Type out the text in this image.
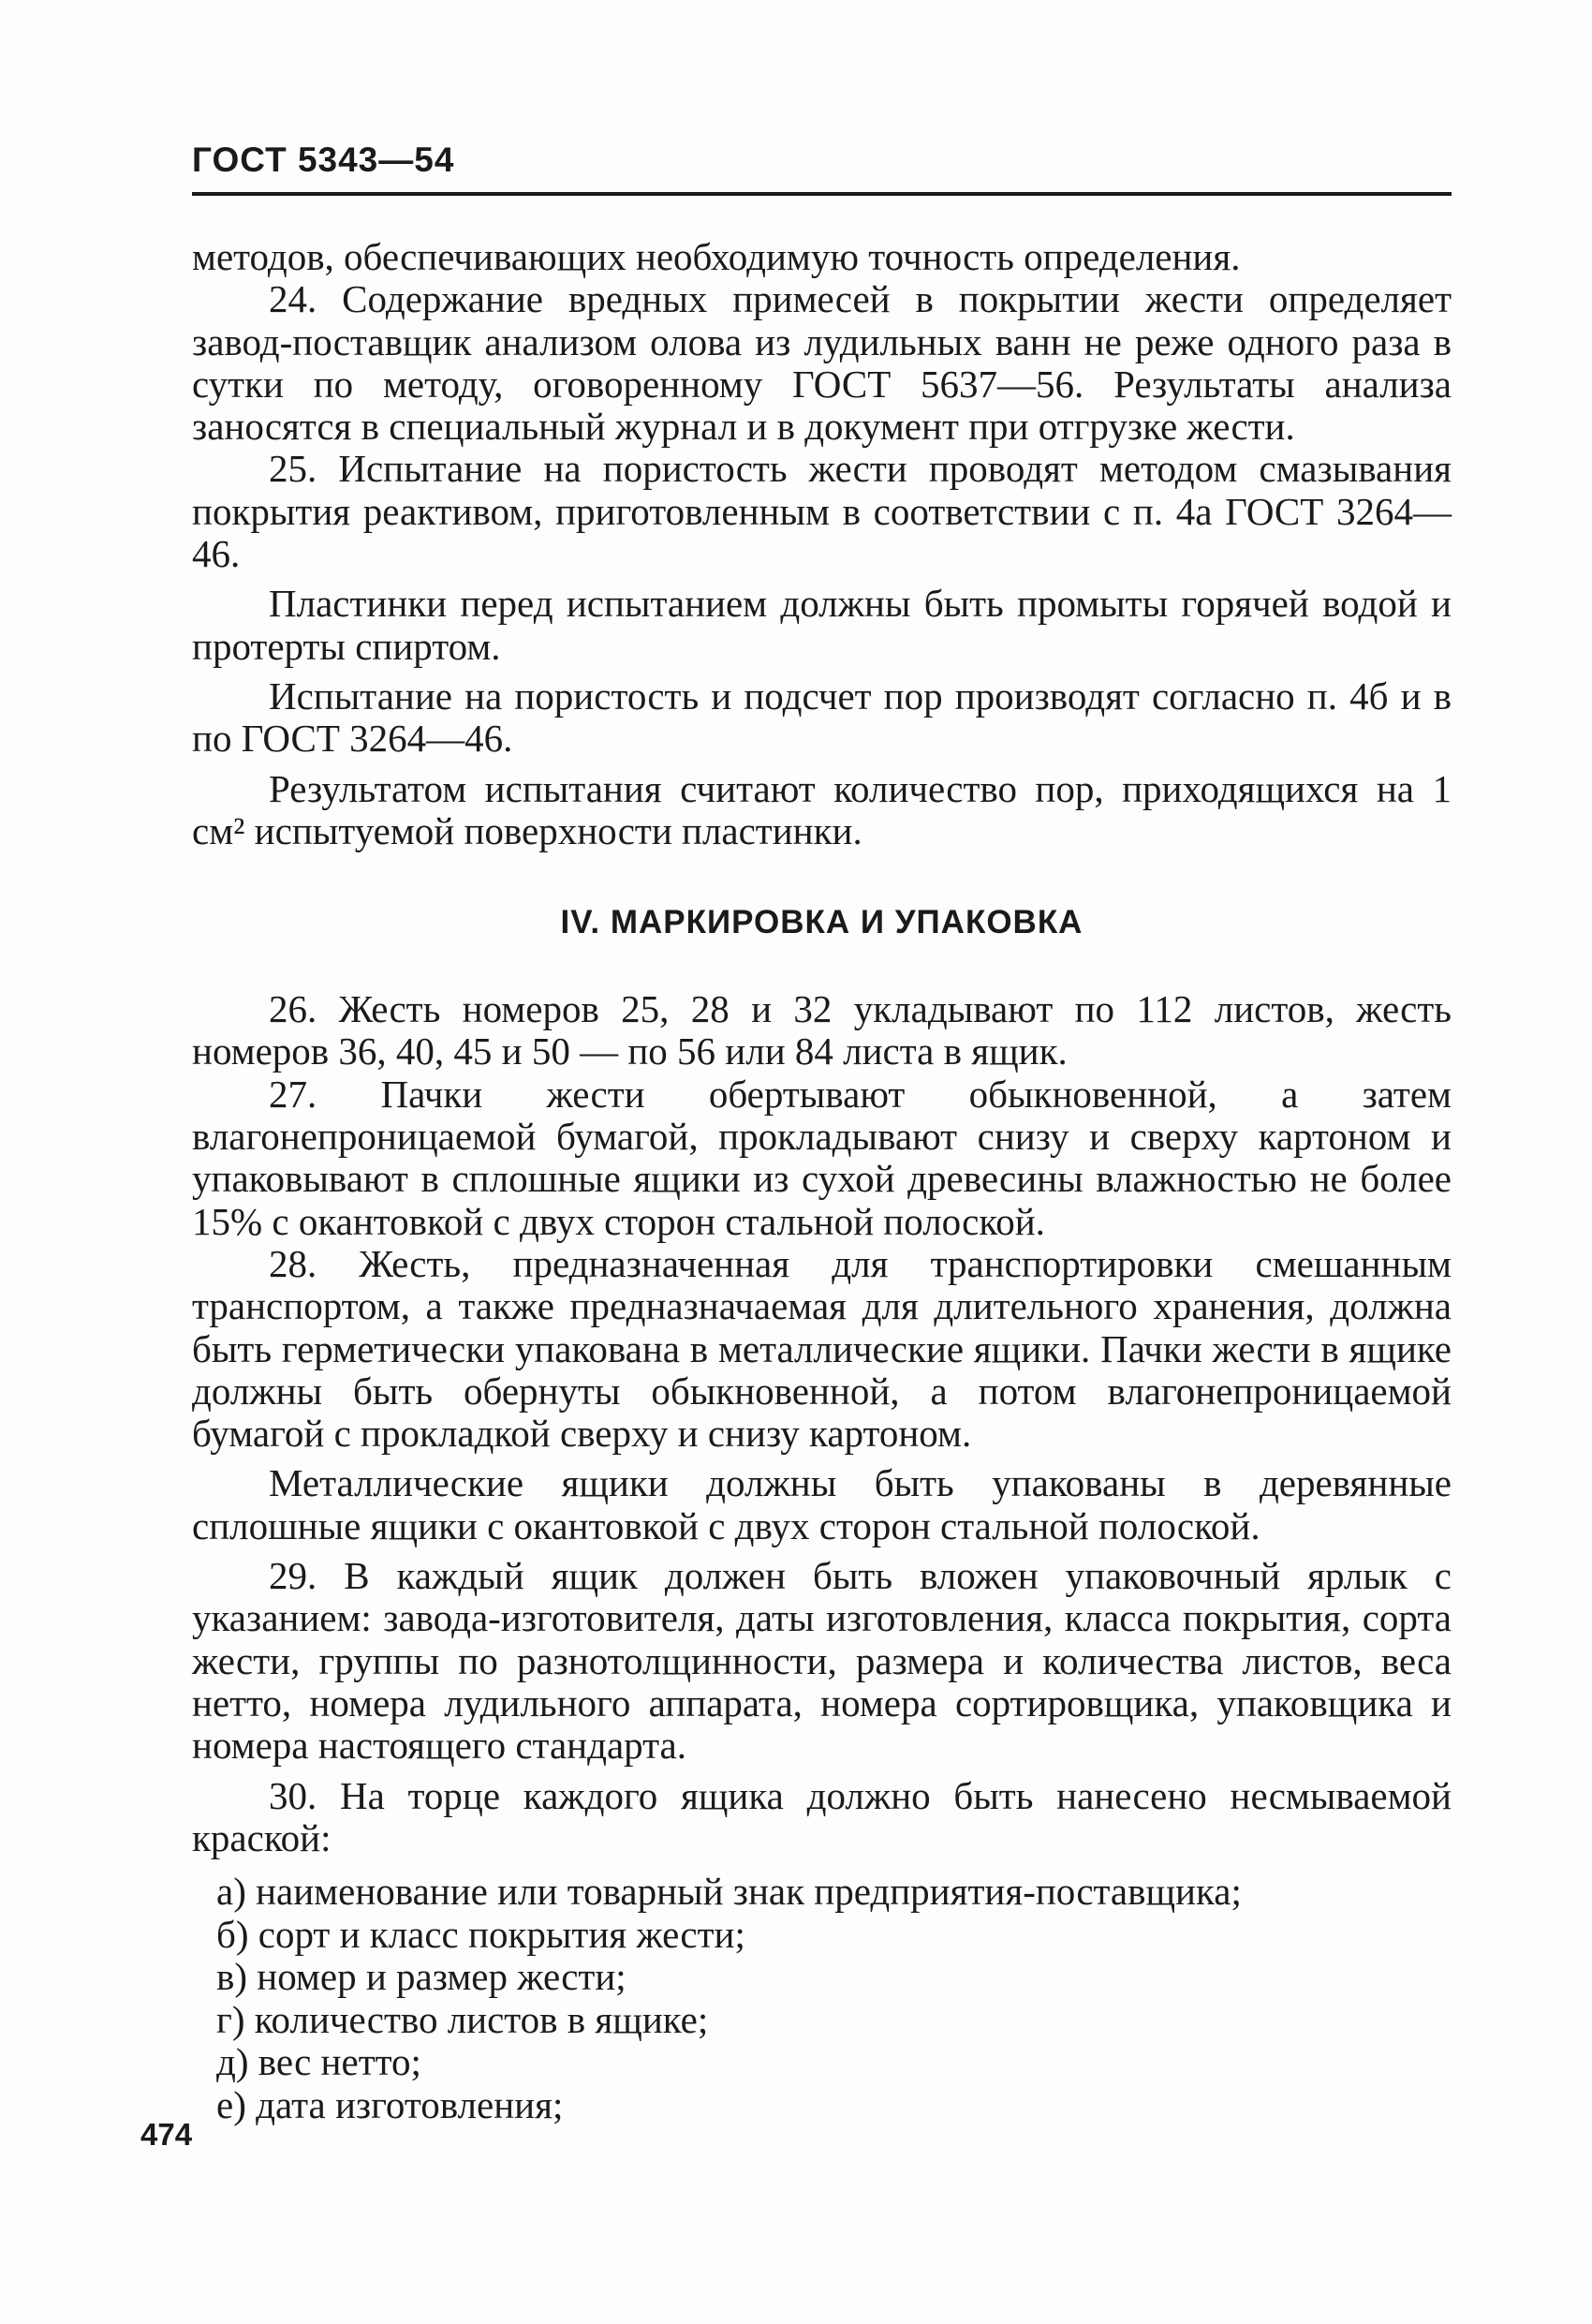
ГОСТ 5343—54

методов, обеспечивающих необходимую точность определения.

24. Содержание вредных примесей в покрытии жести определяет завод-поставщик анализом олова из лудильных ванн не реже одного раза в сутки по методу, оговоренному ГОСТ 5637—56. Результаты анализа заносятся в специальный журнал и в документ при отгрузке жести.

25. Испытание на пористость жести проводят методом смазывания покрытия реактивом, приготовленным в соответствии с п. 4а ГОСТ 3264—46.

Пластинки перед испытанием должны быть промыты горячей водой и протерты спиртом.

Испытание на пористость и подсчет пор производят согласно п. 4б и в по ГОСТ 3264—46.

Результатом испытания считают количество пор, приходящихся на 1 см² испытуемой поверхности пластинки.

IV. МАРКИРОВКА И УПАКОВКА

26. Жесть номеров 25, 28 и 32 укладывают по 112 листов, жесть номеров 36, 40, 45 и 50 — по 56 или 84 листа в ящик.

27. Пачки жести обертывают обыкновенной, а затем влагонепроницаемой бумагой, прокладывают снизу и сверху картоном и упаковывают в сплошные ящики из сухой древесины влажностью не более 15% с окантовкой с двух сторон стальной полоской.

28. Жесть, предназначенная для транспортировки смешанным транспортом, а также предназначаемая для длительного хранения, должна быть герметически упакована в металлические ящики. Пачки жести в ящике должны быть обернуты обыкновенной, а потом влагонепроницаемой бумагой с прокладкой сверху и снизу картоном.

Металлические ящики должны быть упакованы в деревянные сплошные ящики с окантовкой с двух сторон стальной полоской.

29. В каждый ящик должен быть вложен упаковочный ярлык с указанием: завода-изготовителя, даты изготовления, класса покрытия, сорта жести, группы по разнотолщинности, размера и количества листов, веса нетто, номера лудильного аппарата, номера сортировщика, упаковщика и номера настоящего стандарта.

30. На торце каждого ящика должно быть нанесено несмываемой краской:

а) наименование или товарный знак предприятия-поставщика;
б) сорт и класс покрытия жести;
в) номер и размер жести;
г) количество листов в ящике;
д) вес нетто;
е) дата изготовления;
474
